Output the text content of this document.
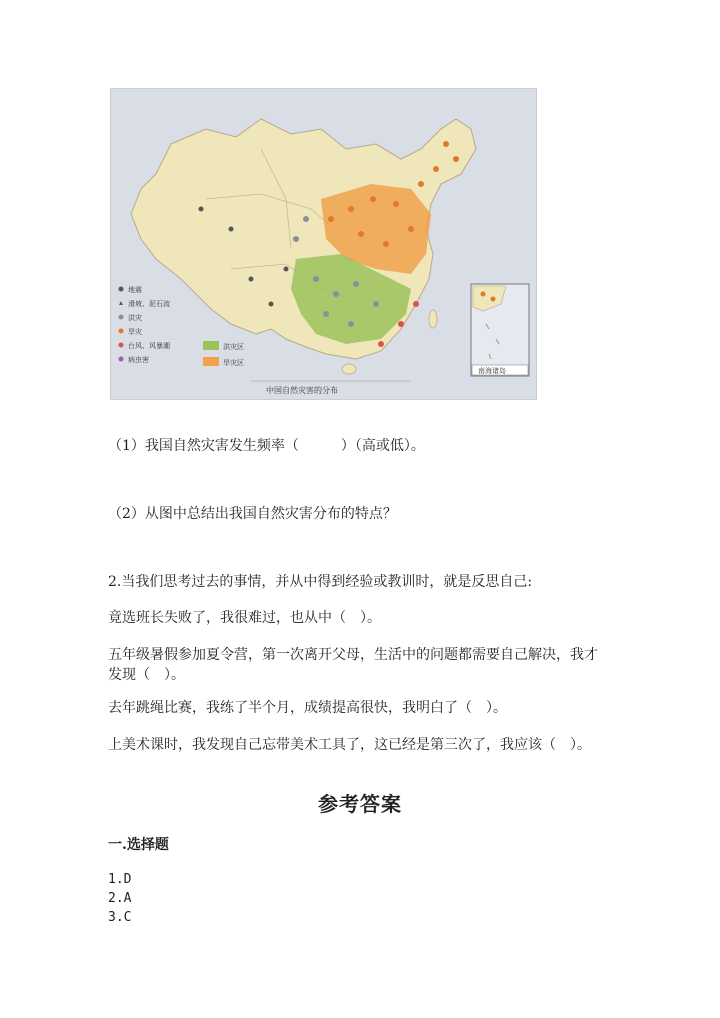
南海诸岛
地震
滑坡、泥石流
洪灾
旱灾
台风、风暴潮
病虫害
洪灾区
旱灾区
中国自然灾害的分布
（1）我国自然灾害发生频率（　　　）（高或低）。
（2）从图中总结出我国自然灾害分布的特点？
2.当我们思考过去的事情，并从中得到经验或教训时，就是反思自己:
竟选班长失败了，我很难过，也从中（　）。
五年级暑假参加夏令营，第一次离开父母，生活中的问题都需要自己解决，我才发现（　）。
去年跳绳比赛，我练了半个月，成绩提高很快，我明白了（　）。
上美术课时，我发现自己忘带美术工具了，这已经是第三次了，我应该（　）。
参考答案
一.选择题
1.D
2.A
3.C
